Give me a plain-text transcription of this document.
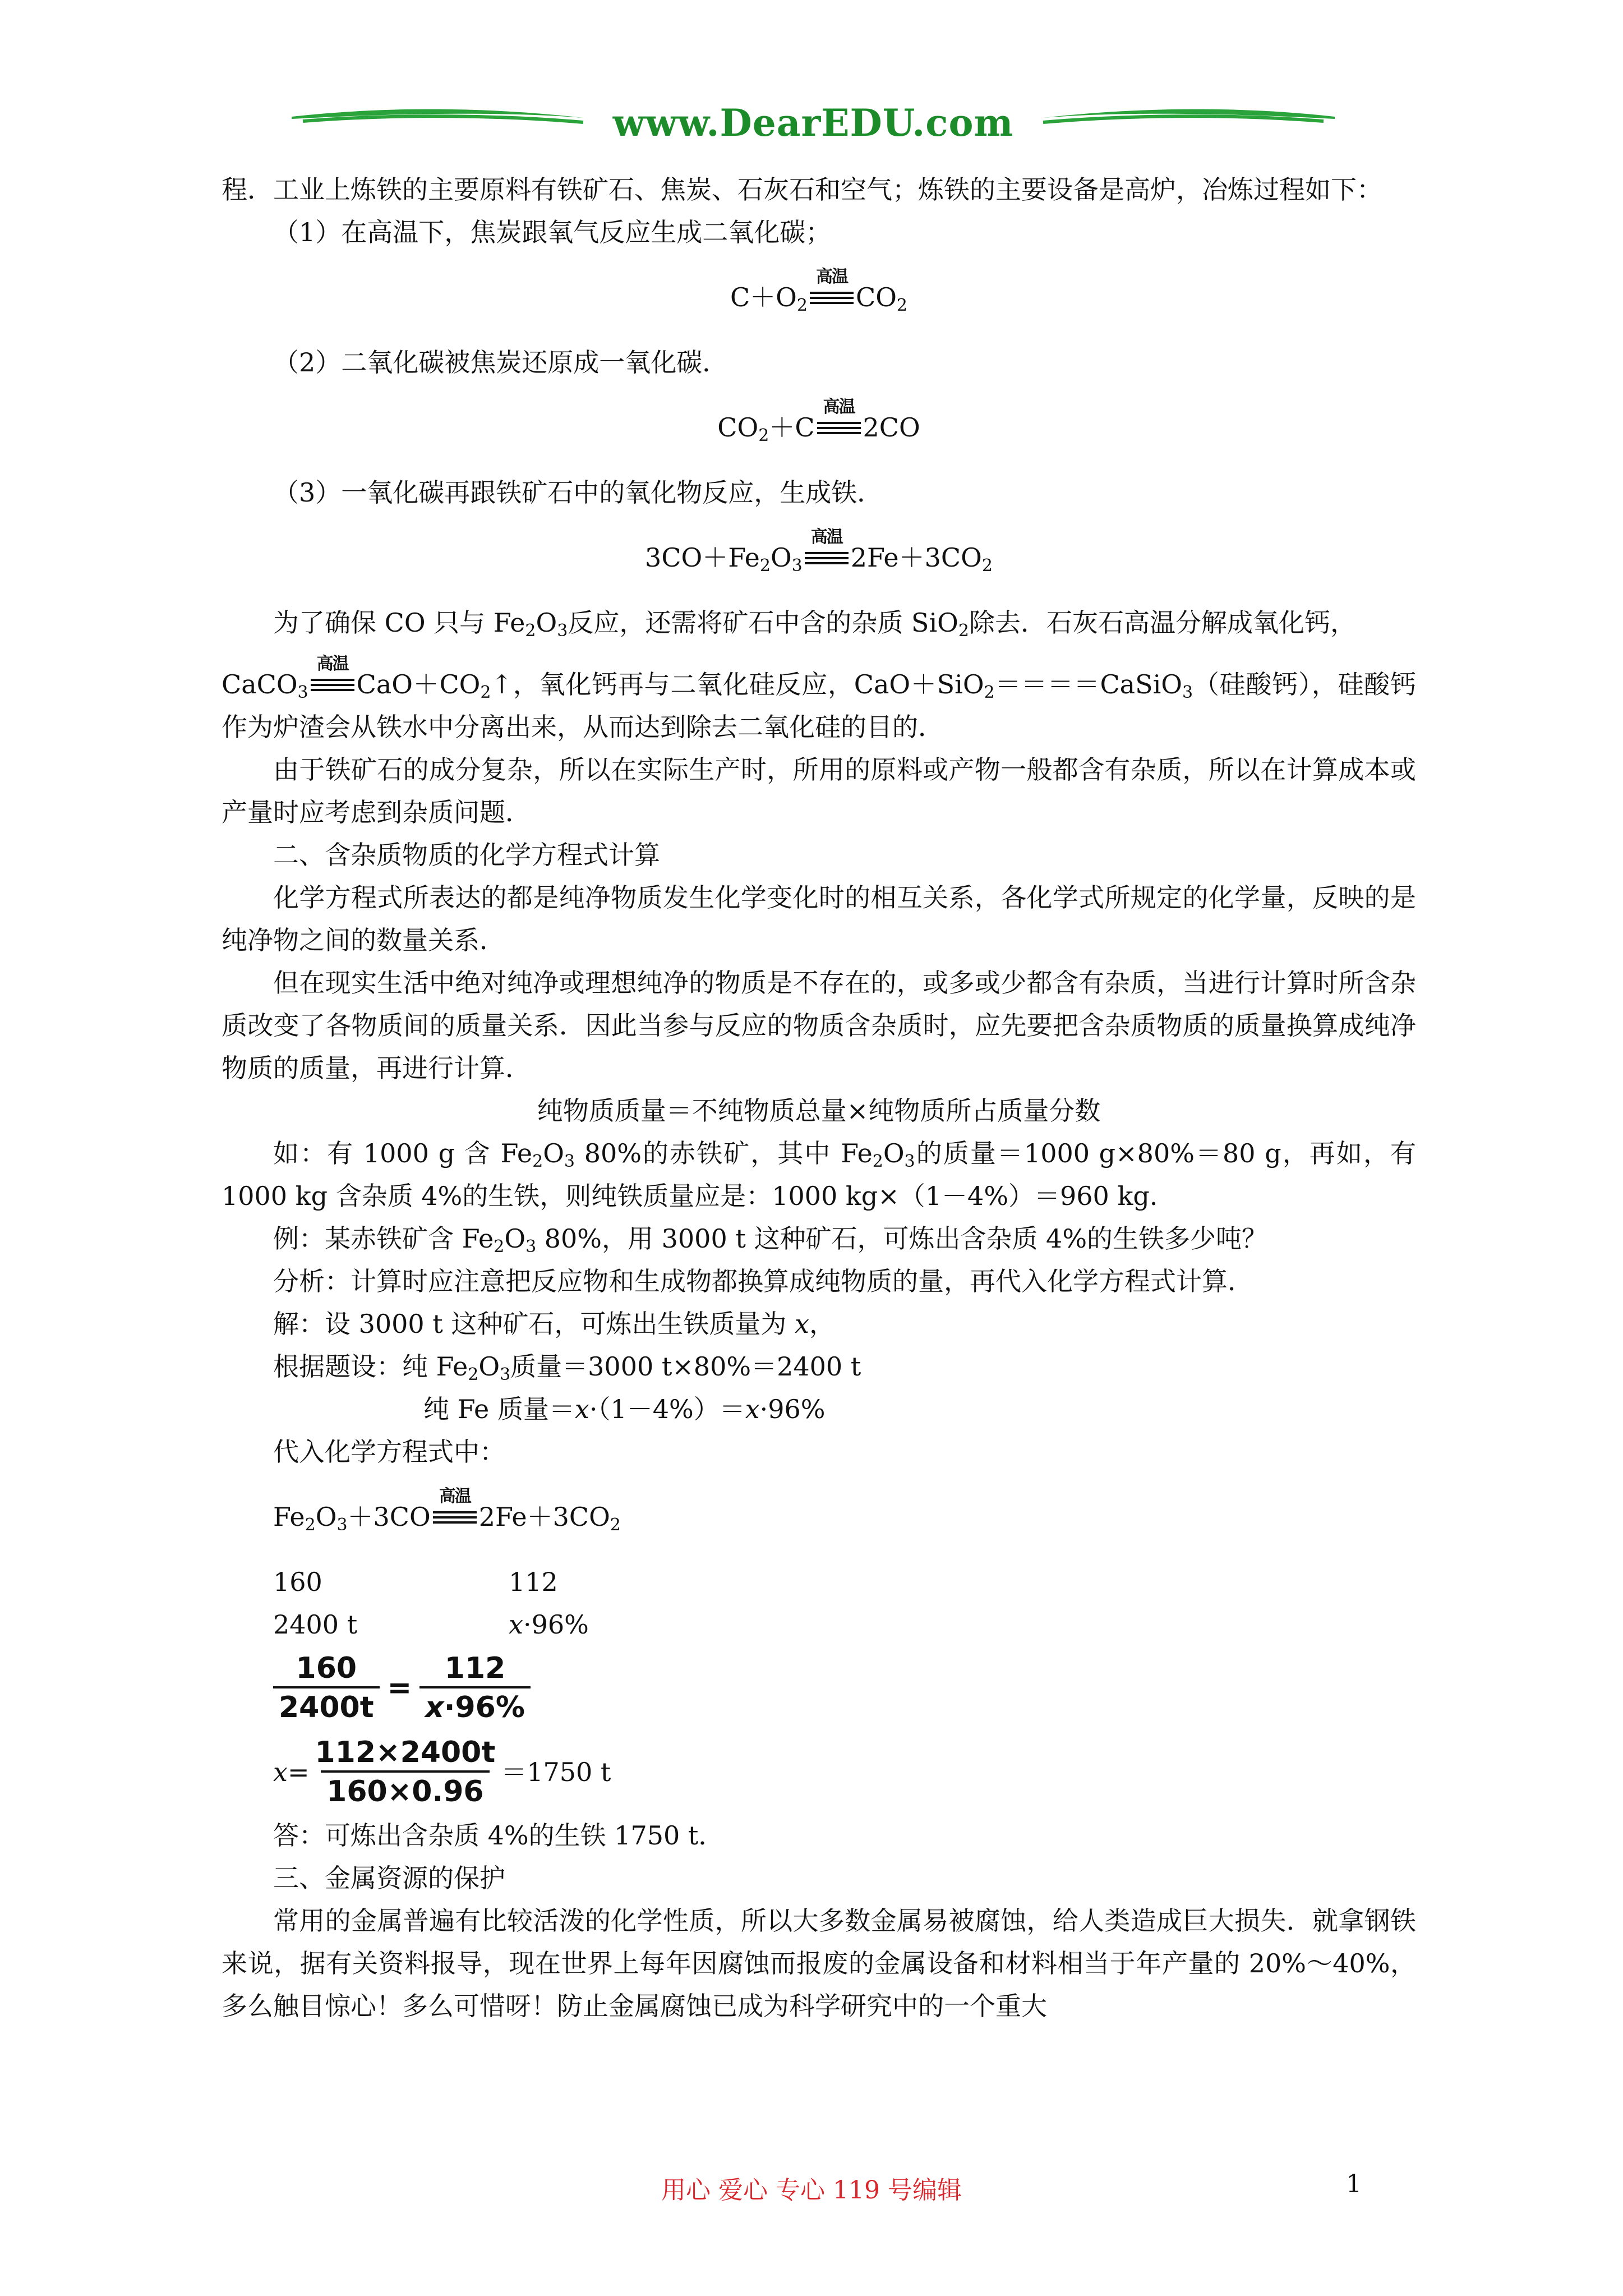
www.DearEDU.com

程．工业上炼铁的主要原料有铁矿石、焦炭、石灰石和空气；炼铁的主要设备是高炉，冶炼过程如下：

（1）在高温下，焦炭跟氧气反应生成二氧化碳；

$C+O_2$
高温
$CO_2$

（2）二氧化碳被焦炭还原成一氧化碳．

$CO_2+C$
高温
2CO

（3）一氧化碳再跟铁矿石中的氧化物反应，生成铁．

$3CO+Fe_2O_3$
高温
$2Fe+3CO_2$

为了确保 CO 只与 $Fe_2O_3$反应，还需将矿石中含的杂质 SiO$_2$除去．石灰石高温分解成氧化钙，

CaCO$_3$
高温
$CaO+CO_2↑$，氧化钙再与二氧化硅反应，CaO＋SiO$_2$＝＝＝＝CaSiO$_3$（硅酸钙），硅酸钙作为炉渣会从铁水中分离出来，从而达到除去二氧化硅的目的．

由于铁矿石的成分复杂，所以在实际生产时，所用的原料或产物一般都含有杂质，所以在计算成本或产量时应考虑到杂质问题．

二、含杂质物质的化学方程式计算

化学方程式所表达的都是纯净物质发生化学变化时的相互关系，各化学式所规定的化学量，反映的是纯净物之间的数量关系．

但在现实生活中绝对纯净或理想纯净的物质是不存在的，或多或少都含有杂质，当进行计算时所含杂质改变了各物质间的质量关系．因此当参与反应的物质含杂质时，应先要把含杂质物质的质量换算成纯净物质的质量，再进行计算．

纯物质质量＝不纯物质总量×纯物质所占质量分数

如：有 1000 g 含 $Fe_2O_3$ 80%的赤铁矿，其中 $Fe_2O_3$的质量＝1000 g×80%＝80 g，再如，有 1000 kg 含杂质 4%的生铁，则纯铁质量应是：1000 kg×（1－4%）＝960 kg.

例：某赤铁矿含 $Fe_2O_3$ 80%，用 3000 t 这种矿石，可炼出含杂质 4%的生铁多少吨？

分析：计算时应注意把反应物和生成物都换算成纯物质的量，再代入化学方程式计算．

解：设 3000 t 这种矿石，可炼出生铁质量为 x，

根据题设：纯 $Fe_2O_3$质量＝3000 t×80%＝2400 t

纯 Fe 质量＝x·（1－4%）＝x·96%

代入化学方程式中：

$Fe_2O_3+3CO$
高温
$2Fe+3CO_2$

160	112
2400 t	x·96%
$\frac{160}{2400t} = \frac{112}{x\cdot 96\%}$
$x = \frac{112\times 2400t}{160\times 0.96} =1750$ t

答：可炼出含杂质 4%的生铁 1750 t．

三、金属资源的保护

常用的金属普遍有比较活泼的化学性质，所以大多数金属易被腐蚀，给人类造成巨大损失．就拿钢铁来说，据有关资料报导，现在世界上每年因腐蚀而报废的金属设备和材料相当于年产量的 20%～40%，多么触目惊心！多么可惜呀！防止金属腐蚀已成为科学研究中的一个重大

用心 爱心 专心 119 号编辑	1
